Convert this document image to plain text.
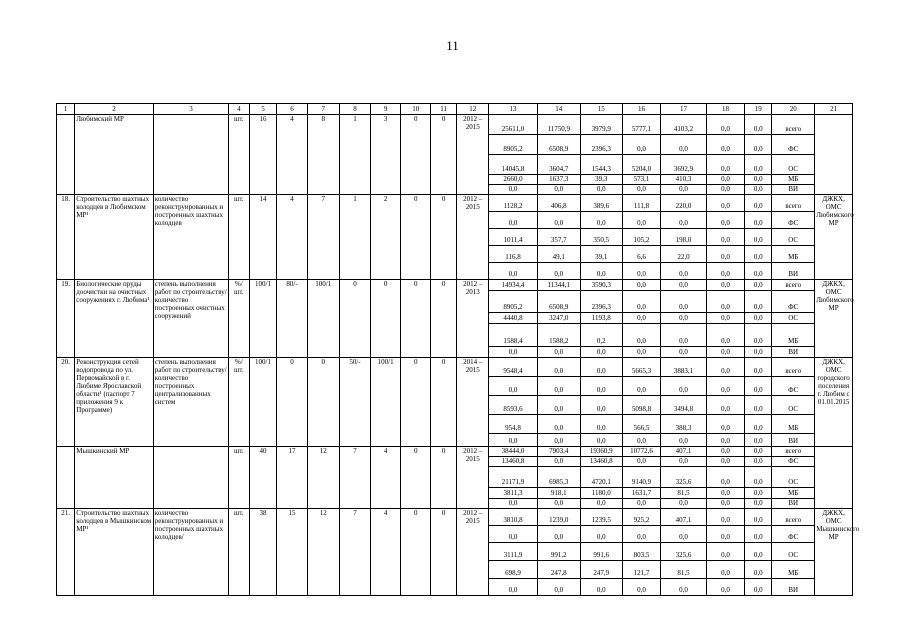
11
1	2	3	4	5	6	7	8	9	10	11	12	13	14	15	16	17	18	19	20	21
	Любимский МР		шт.	16	4	8	1	3	0	0	2012 – 2015	25611,0	11750,9	3979,9	5777,1	4103,2	0,0	0,0	всего	
												8905,2	6508,9	2396,3	0,0	0,0	0,0	0,0	ФС	
												14045,8	3604,7	1544,3	5204,0	3692,9	0,0	0,0	ОС	
												2660,0	1637,3	39,3	573,1	410,3	0,0	0,0	МБ	
												0,0	0,0	0,0	0,0	0,0	0,0	0,0	ВИ	
18.	Строительство шахтных колодцев в Любимском МР¹	количество реконструированных и построенных шахтных колодцев	шт.	14	4	7	1	2	0	0	2012 – 2015	1128,2	406,8	389,6	111,8	220,0	0,0	0,0	всего	ДЖКХ, ОМС Любимского МР
												0,0	0,0	0,0	0,0	0,0	0,0	0,0	ФС	
												1011,4	357,7	350,5	105,2	198,0	0,0	0,0	ОС	
												116,8	49,1	39,1	6,6	22,0	0,0	0,0	МБ	
												0,0	0,0	0,0	0,0	0,0	0,0	0,0	ВИ	
19.	Биологические пруды доочистки на очистных сооружениях г. Любима¹	степень выполнения работ по строительству/ количество построенных очистных сооружений	%/ шт.	100/1	80/-	100/1	0	0	0	0	2012 – 2013	14934,4	11344,1	3590,3	0,0	0,0	0,0	0,0	всего	ДЖКХ, ОМС Любимского МР
												8905,2	6508,9	2396,3	0,0	0,0	0,0	0,0	ФС	
												4440,8	3247,0	1193,8	0,0	0,0	0,0	0,0	ОС	
												1588,4	1588,2	0,2	0,0	0,0	0,0	0,0	МБ	
												0,0	0,0	0,0	0,0	0,0	0,0	0,0	ВИ	
20.	Реконструкция сетей водопровода по ул. Первомайской в г. Любиме Ярославской области¹ (паспорт 7 приложения 9 к Программе)	степень выполнения работ по строительству/ количество построенных централизованных систем	%/ шт.	100/1	0	0	50/-	100/1	0	0	2014 – 2015	9548,4	0,0	0,0	5665,3	3883,1	0,0	0,0	всего	ДЖКХ, ОМС городского поселения г. Любим с 01.01.2015
												0,0	0,0	0,0	0,0	0,0	0,0	0,0	ФС	
												8593,6	0,0	0,0	5098,8	3494,8	0,0	0,0	ОС	
												954,8	0,0	0,0	566,5	388,3	0,0	0,0	МБ	
												0,0	0,0	0,0	0,0	0,0	0,0	0,0	ВИ	
	Мышкинский МР		шт.	40	17	12	7	4	0	0	2012 – 2015	38444,0	7903,4	19360,9	10772,6	407,1	0,0	0,0	всего	
												13460,8	0,0	13460,8	0,0	0,0	0,0	0,0	ФС	
												21171,9	6985,3	4720,1	9140,9	325,6	0,0	0,0	ОС	
												3811,3	918,1	1180,0	1631,7	81,5	0,0	0,0	МБ	
												0,0	0,0	0,0	0,0	0,0	0,0	0,0	ВИ	
21.	Строительство шахтных колодцев в Мышкинском МР¹	количество реконструированных и построенных шахтных колодцев/	шт.	38	15	12	7	4	0	0	2012 – 2015	3810,8	1239,0	1239,5	925,2	407,1	0,0	0,0	всего	ДЖКХ, ОМС Мышкинского МР
												0,0	0,0	0,0	0,0	0,0	0,0	0,0	ФС	
												3111,9	991,2	991,6	803,5	325,6	0,0	0,0	ОС	
												698,9	247,8	247,9	121,7	81,5	0,0	0,0	МБ	
												0,0	0,0	0,0	0,0	0,0	0,0	0,0	ВИ	
